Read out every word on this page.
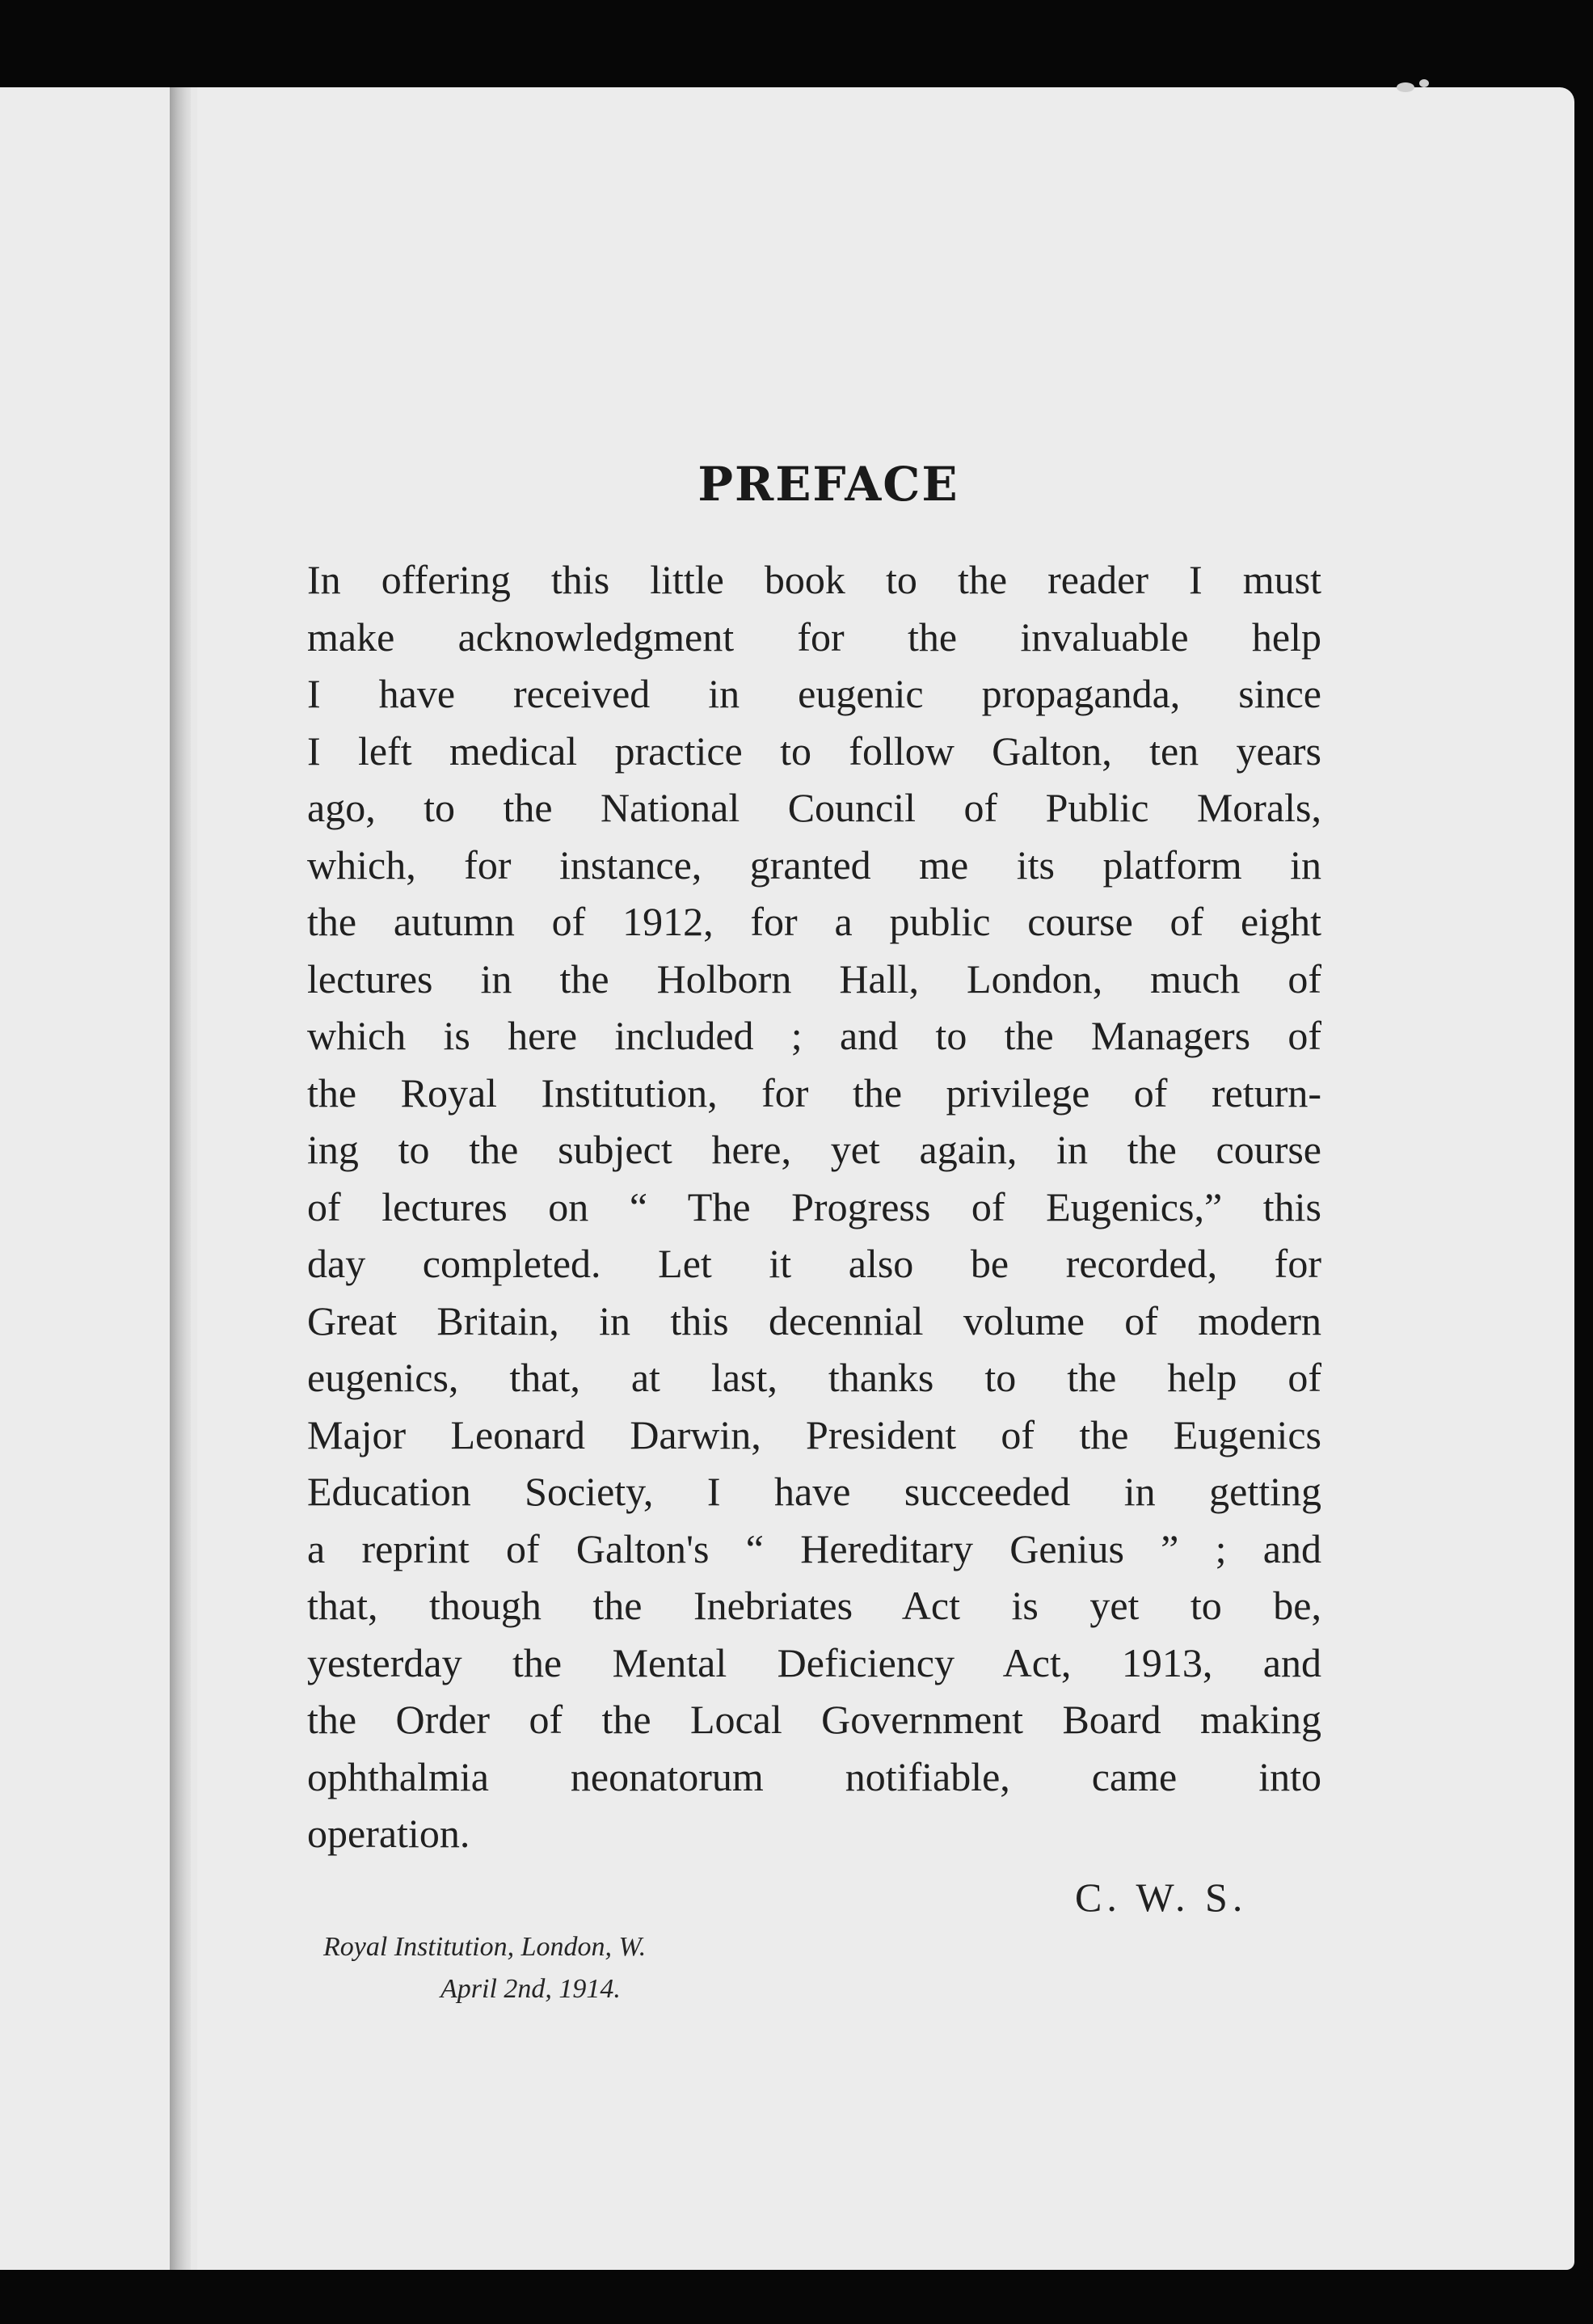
PREFACE
In offering this little book to the reader I must
make acknowledgment for the invaluable help
I have received in eugenic propaganda, since
I left medical practice to follow Galton, ten years
ago, to the National Council of Public Morals,
which, for instance, granted me its platform in
the autumn of 1912, for a public course of eight
lectures in the Holborn Hall, London, much of
which is here included ; and to the Managers of
the Royal Institution, for the privilege of return-
ing to the subject here, yet again, in the course
of lectures on “ The Progress of Eugenics,” this
day completed. Let it also be recorded, for
Great Britain, in this decennial volume of modern
eugenics, that, at last, thanks to the help of
Major Leonard Darwin, President of the Eugenics
Education Society, I have succeeded in getting
a reprint of Galton's “ Hereditary Genius ” ; and
that, though the Inebriates Act is yet to be,
yesterday the Mental Deficiency Act, 1913, and
the Order of the Local Government Board making
ophthalmia neonatorum notifiable, came into
operation.

C. W. S.

Royal Institution, London, W.

April 2nd, 1914.
